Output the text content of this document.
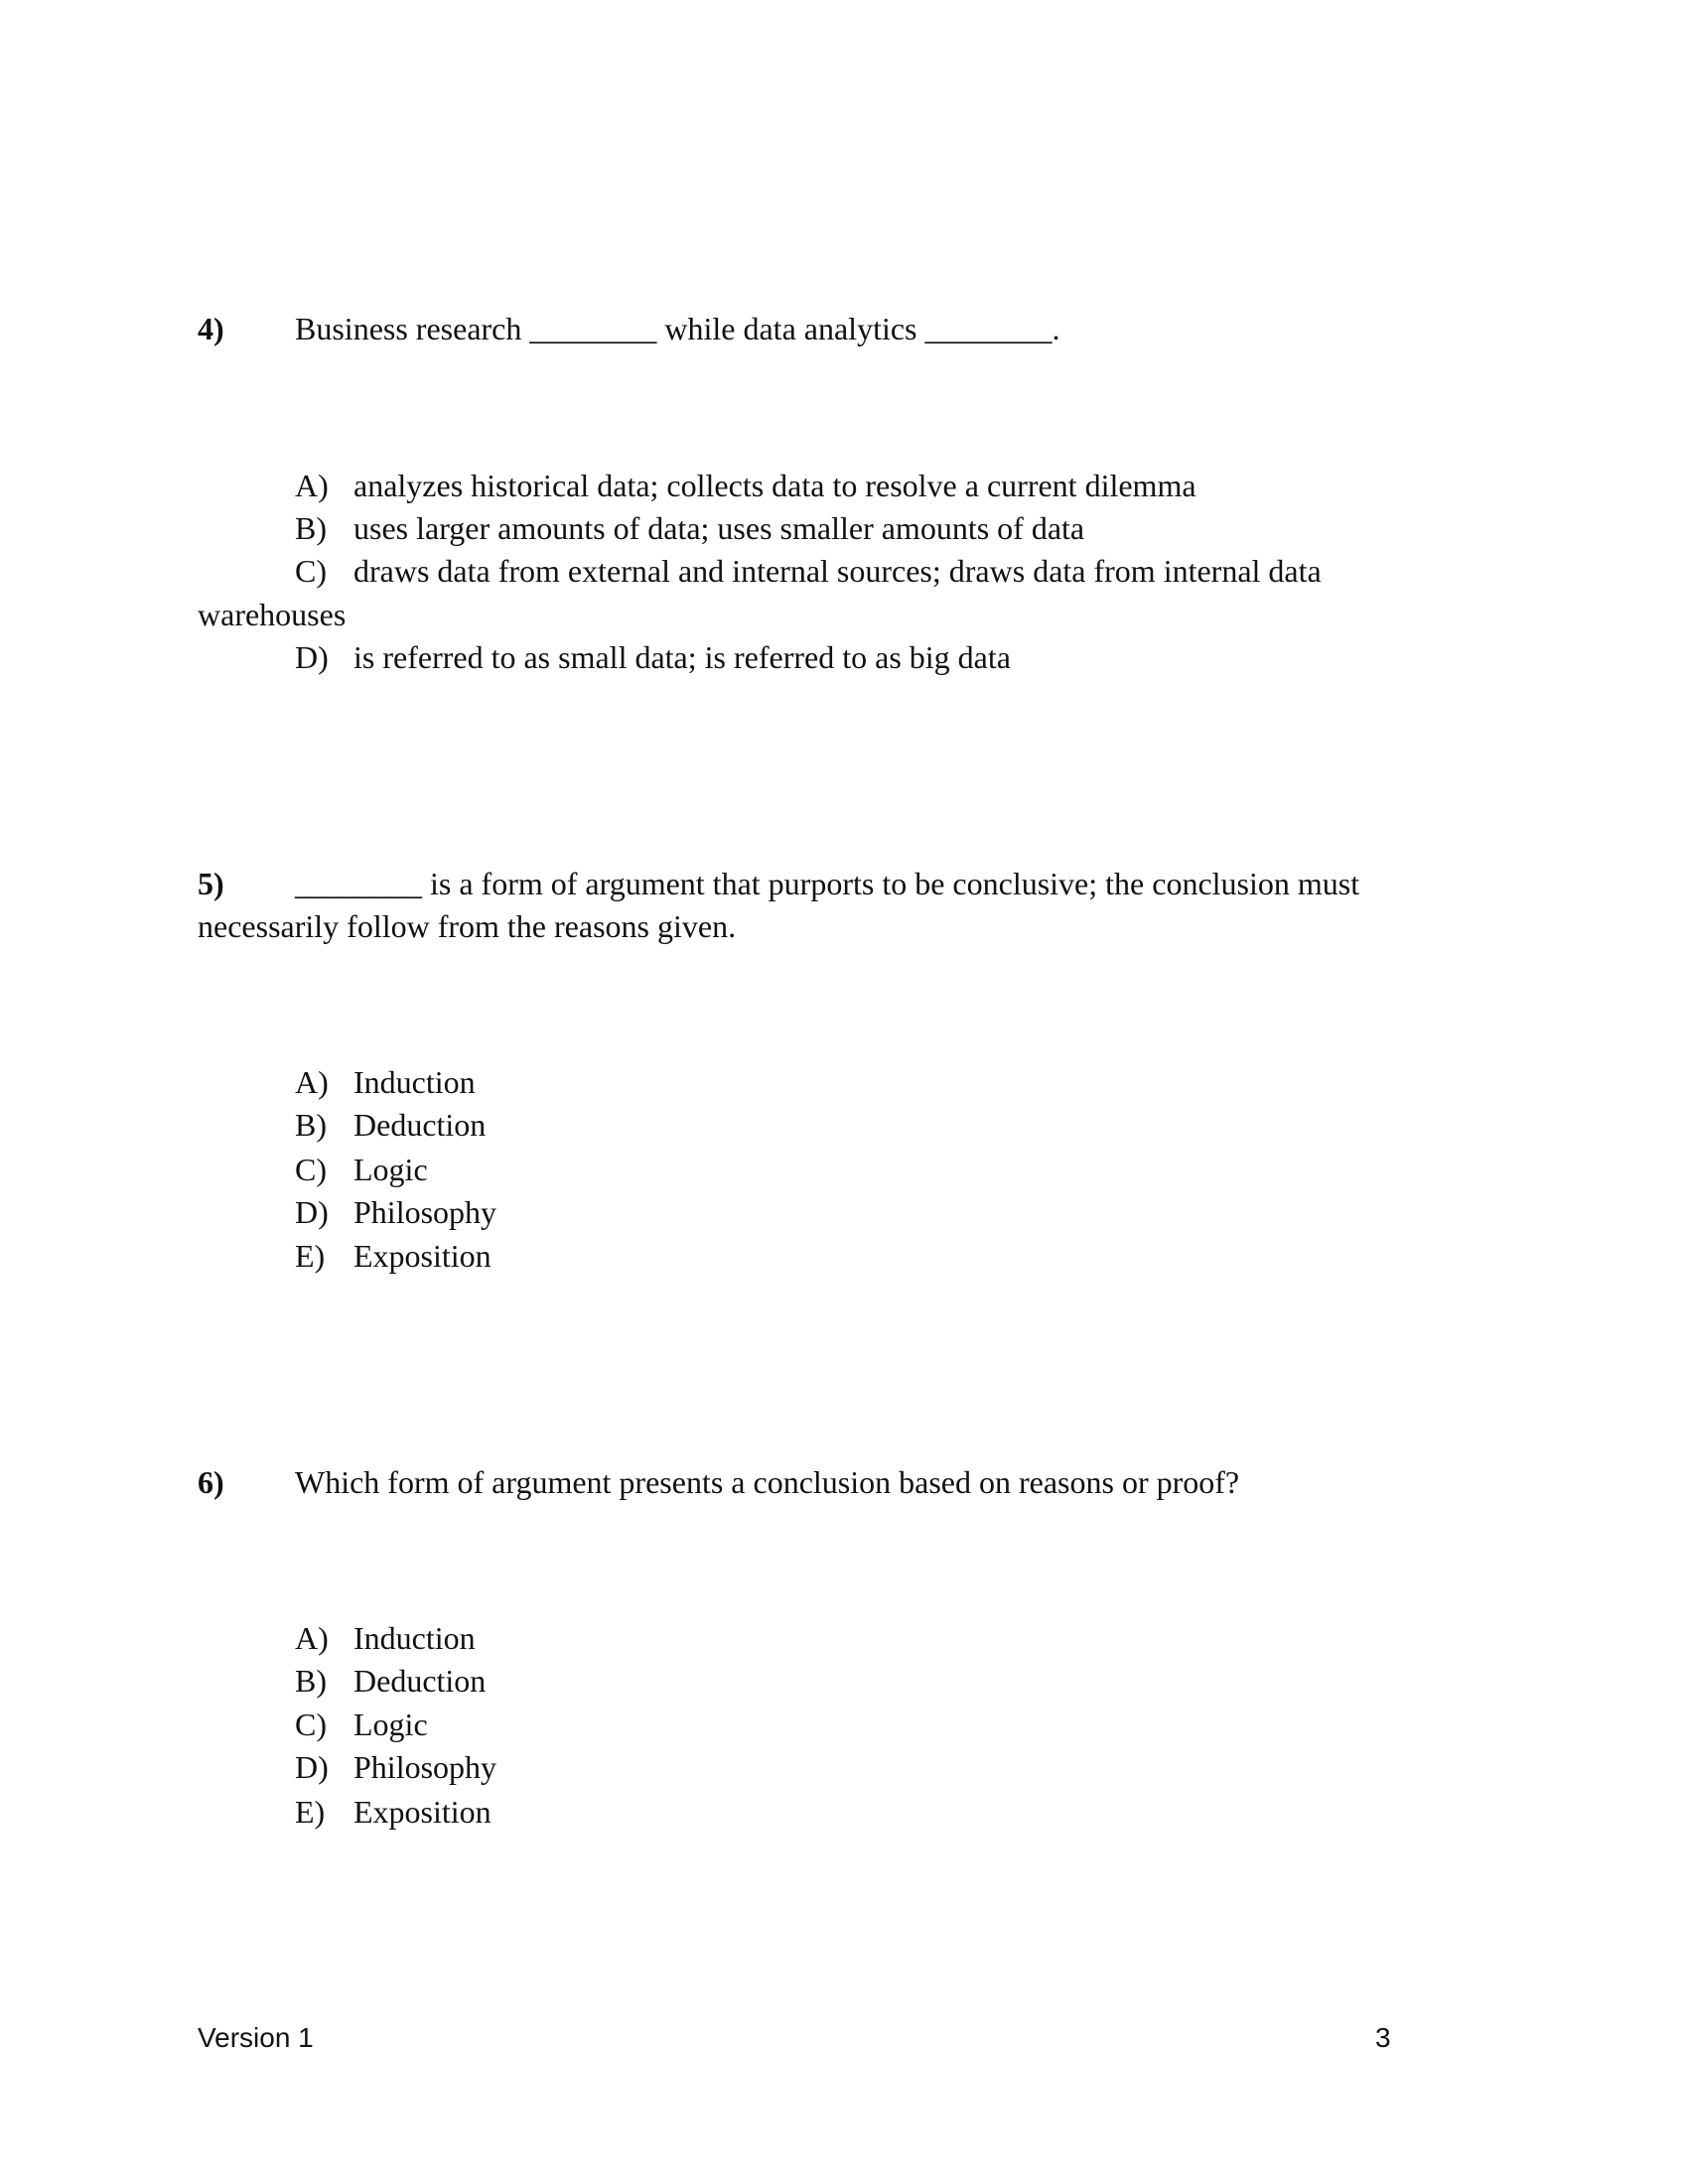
4) Business research ________ while data analytics ________.
A) analyzes historical data; collects data to resolve a current dilemma
B) uses larger amounts of data; uses smaller amounts of data
C) draws data from external and internal sources; draws data from internal data
warehouses
D) is referred to as small data; is referred to as big data
5) ________ is a form of argument that purports to be conclusive; the conclusion must
necessarily follow from the reasons given.
A) Induction
B) Deduction
C) Logic
D) Philosophy
E) Exposition
6) Which form of argument presents a conclusion based on reasons or proof?
A) Induction
B) Deduction
C) Logic
D) Philosophy
E) Exposition
Version 1	3
